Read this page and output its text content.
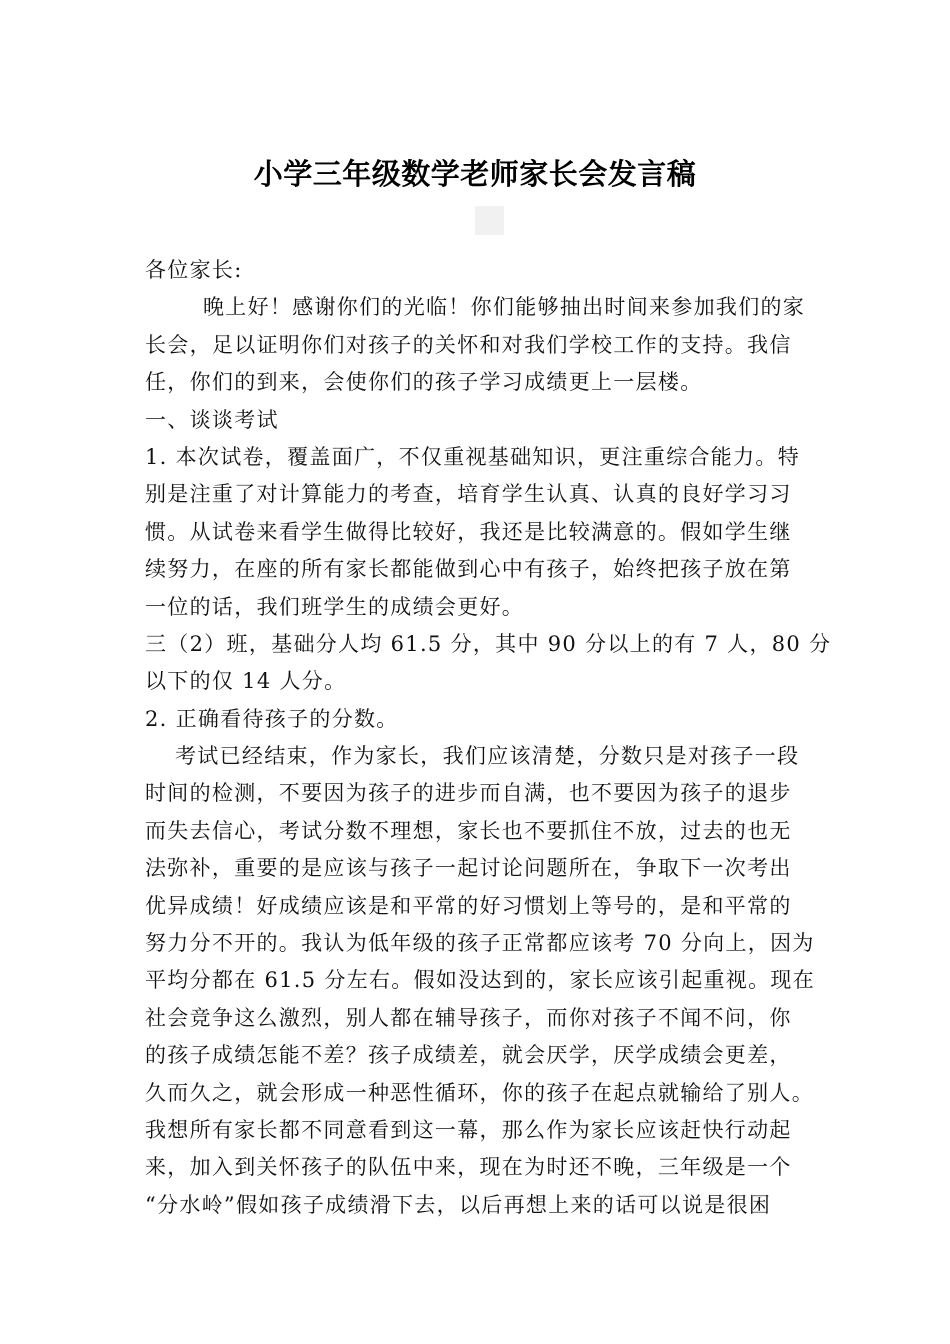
小学三年级数学老师家长会发言稿
各位家长:
晚上好！感谢你们的光临！你们能够抽出时间来参加我们的家
长会，足以证明你们对孩子的关怀和对我们学校工作的支持。我信
任，你们的到来，会使你们的孩子学习成绩更上一层楼。
一、谈谈考试
1. 本次试卷，覆盖面广，不仅重视基础知识，更注重综合能力。特
别是注重了对计算能力的考查，培育学生认真、认真的良好学习习
惯。从试卷来看学生做得比较好，我还是比较满意的。假如学生继
续努力，在座的所有家长都能做到心中有孩子，始终把孩子放在第
一位的话，我们班学生的成绩会更好。
三（2）班，基础分人均 61.5 分，其中 90 分以上的有 7 人，80 分
以下的仅 14 人分。
2. 正确看待孩子的分数。
考试已经结束，作为家长，我们应该清楚，分数只是对孩子一段
时间的检测，不要因为孩子的进步而自满，也不要因为孩子的退步
而失去信心，考试分数不理想，家长也不要抓住不放，过去的也无
法弥补，重要的是应该与孩子一起讨论问题所在，争取下一次考出
优异成绩！好成绩应该是和平常的好习惯划上等号的，是和平常的
努力分不开的。我认为低年级的孩子正常都应该考 70 分向上，因为
平均分都在 61.5 分左右。假如没达到的，家长应该引起重视。现在
社会竞争这么激烈，别人都在辅导孩子，而你对孩子不闻不问，你
的孩子成绩怎能不差？孩子成绩差，就会厌学，厌学成绩会更差，
久而久之，就会形成一种恶性循环，你的孩子在起点就输给了别人。
我想所有家长都不同意看到这一幕，那么作为家长应该赶快行动起
来，加入到关怀孩子的队伍中来，现在为时还不晚，三年级是一个
“分水岭”假如孩子成绩滑下去，以后再想上来的话可以说是很困
